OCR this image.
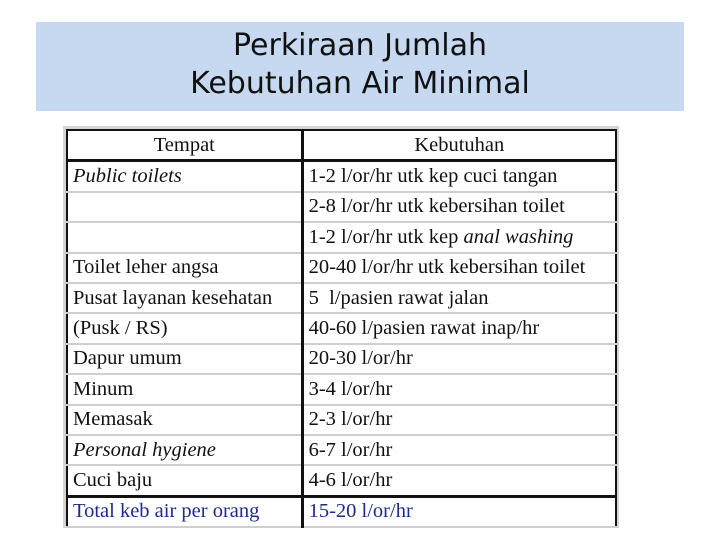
Perkiraan Jumlah
Kebutuhan Air Minimal
Tempat	Kebutuhan
Public toilets	1-2 l/or/hr utk kep cuci tangan
	2-8 l/or/hr utk kebersihan toilet
	1-2 l/or/hr utk kep anal washing
Toilet leher angsa	20-40 l/or/hr utk kebersihan toilet
Pusat layanan kesehatan	5  l/pasien rawat jalan
(Pusk / RS)	40-60 l/pasien rawat inap/hr
Dapur umum	20-30 l/or/hr
Minum	3-4 l/or/hr
Memasak	2-3 l/or/hr
Personal hygiene	6-7 l/or/hr
Cuci baju	4-6 l/or/hr
Total keb air per orang	15-20 l/or/hr
